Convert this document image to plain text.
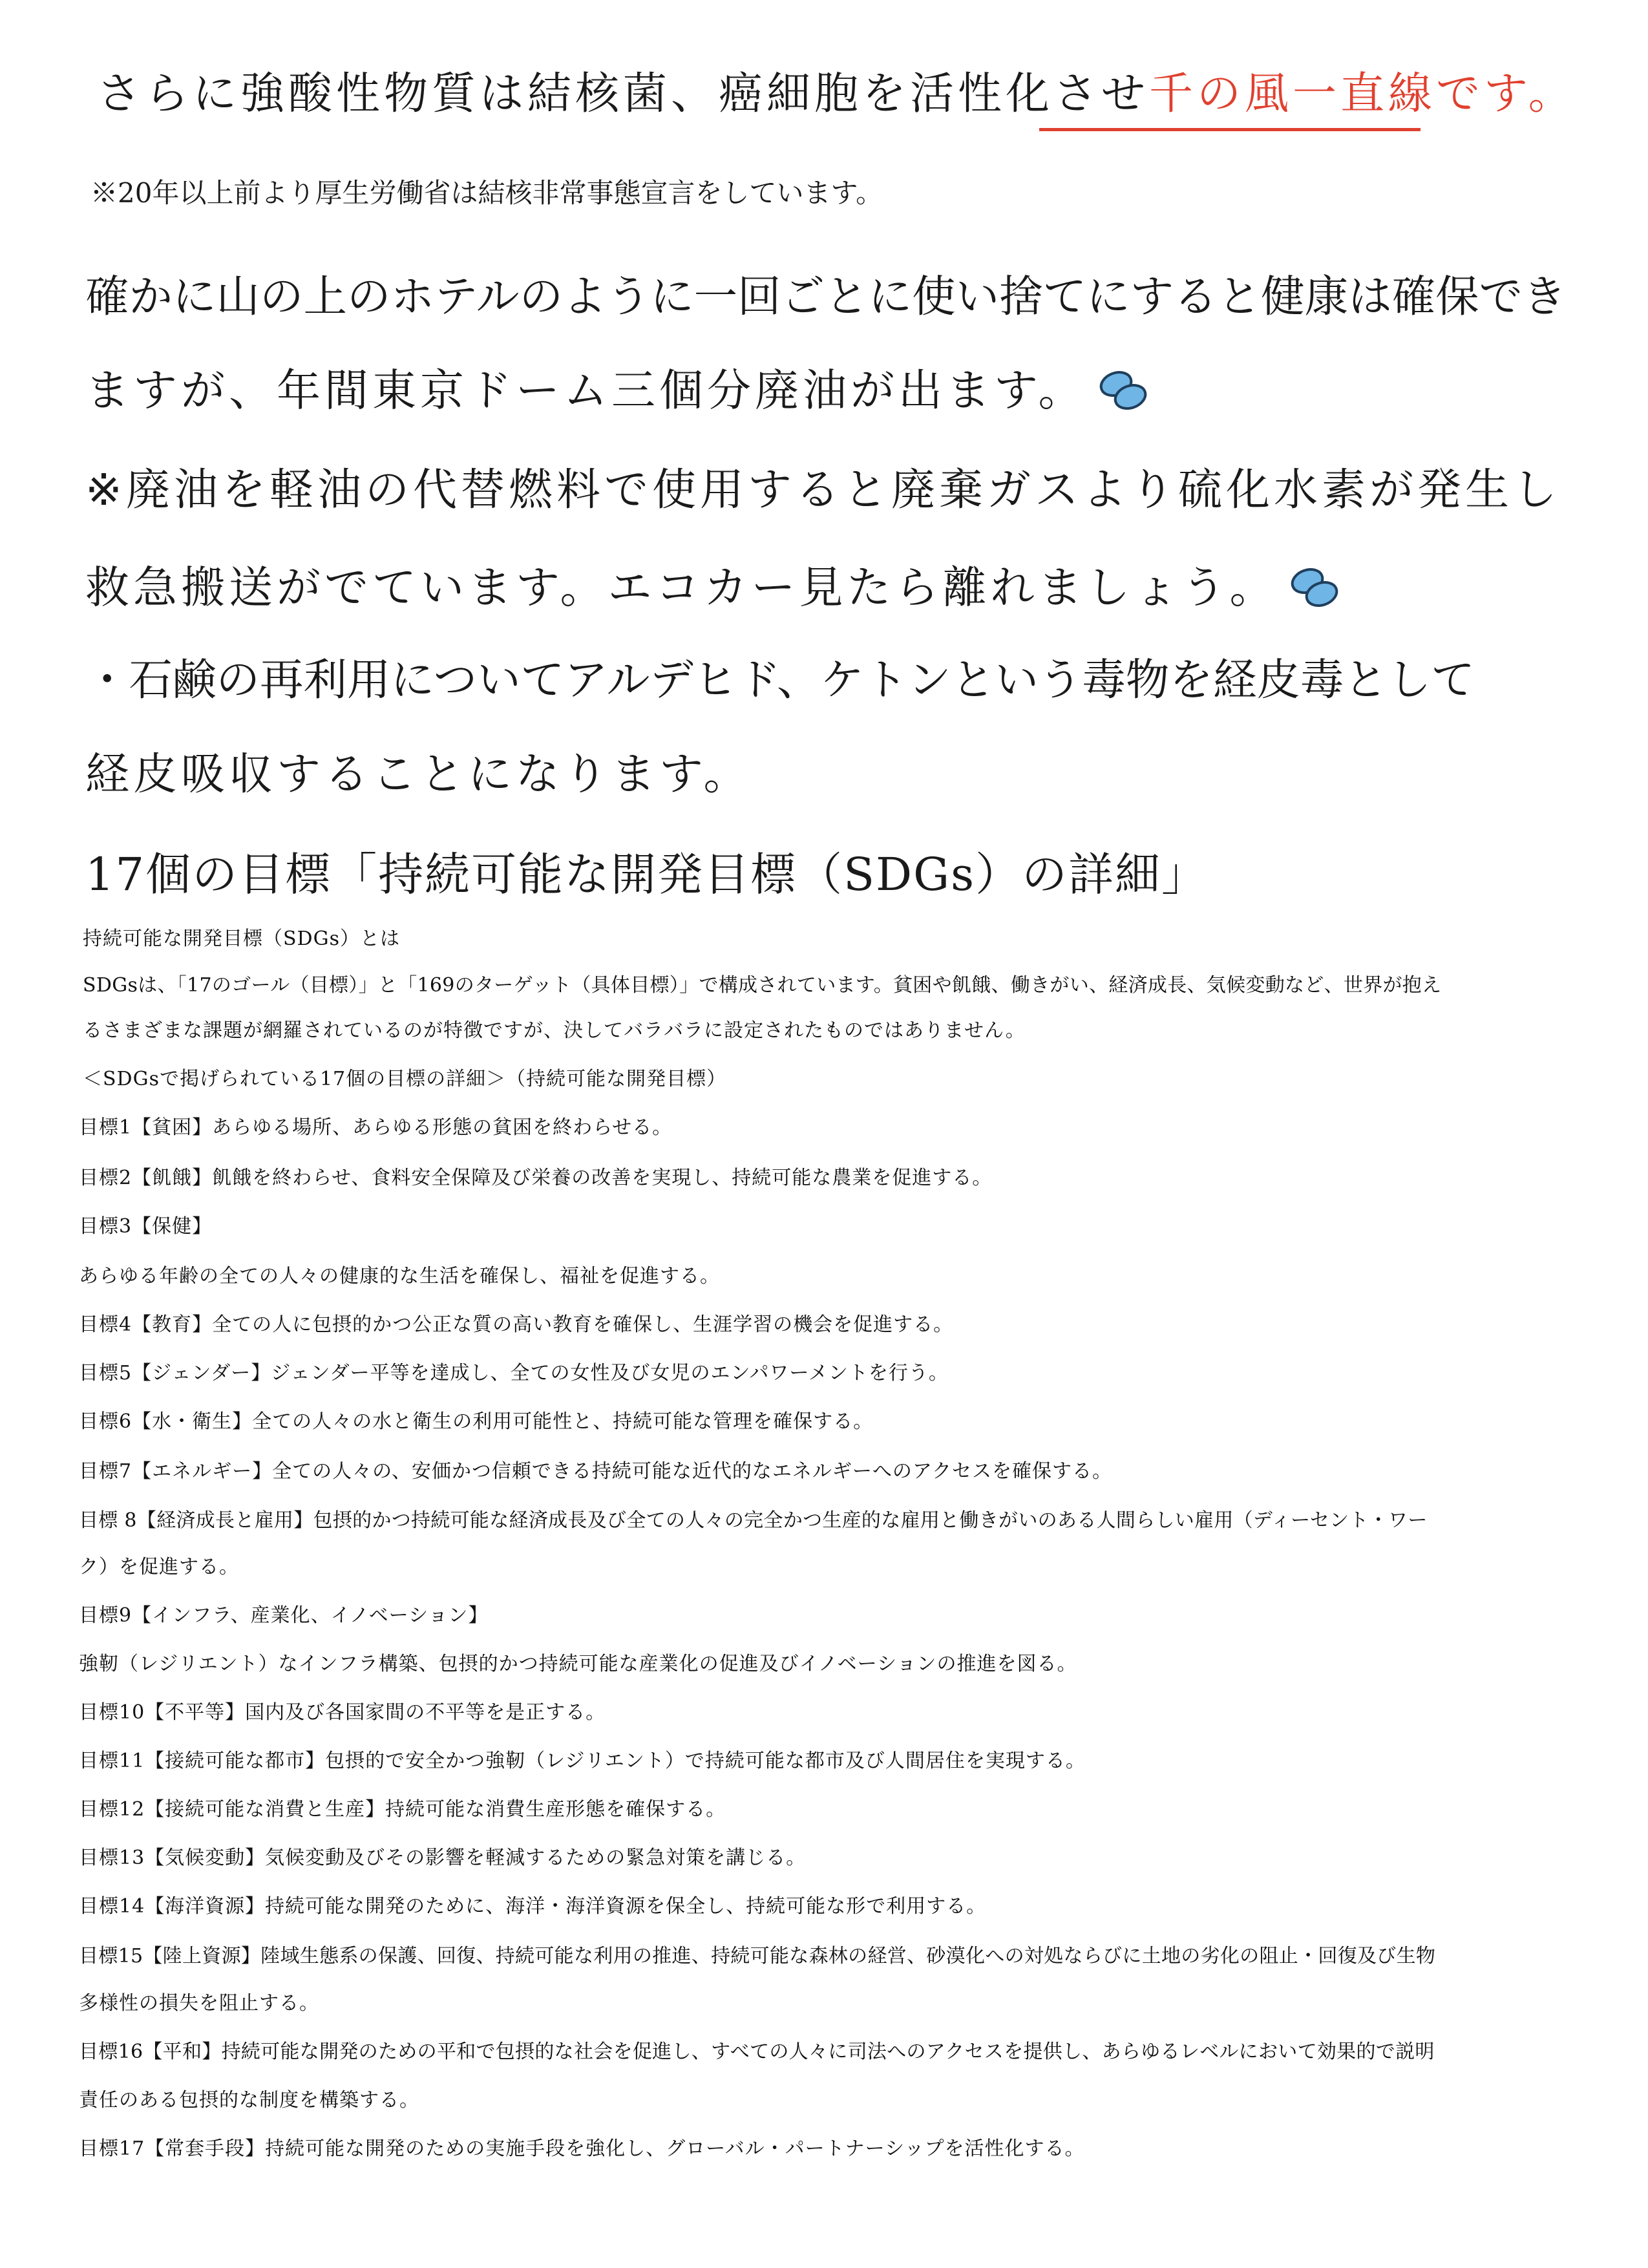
さらに強酸性物質は結核菌、癌細胞を活性化させ千の風一直線です。
※20年以上前より厚生労働省は結核非常事態宣言をしています。
確かに山の上のホテルのように一回ごとに使い捨てにすると健康は確保でき
ますが、年間東京ドーム三個分廃油が出ます。
※廃油を軽油の代替燃料で使用すると廃棄ガスより硫化水素が発生し
救急搬送がでています。エコカー見たら離れましょう。
・石鹸の再利用についてアルデヒド、ケトンという毒物を経皮毒として
経皮吸収することになります。
17個の目標「持続可能な開発目標（SDGs）の詳細」
持続可能な開発目標（SDGs）とは
SDGsは、「17のゴール（目標）」と「169のターゲット（具体目標）」で構成されています。貧困や飢餓、働きがい、経済成長、気候変動など、世界が抱え
るさまざまな課題が網羅されているのが特徴ですが、決してバラバラに設定されたものではありません。
＜SDGsで掲げられている17個の目標の詳細＞（持続可能な開発目標）
目標1【貧困】あらゆる場所、あらゆる形態の貧困を終わらせる。
目標2【飢餓】飢餓を終わらせ、食料安全保障及び栄養の改善を実現し、持続可能な農業を促進する。
目標3【保健】
あらゆる年齢の全ての人々の健康的な生活を確保し、福祉を促進する。
目標4【教育】全ての人に包摂的かつ公正な質の高い教育を確保し、生涯学習の機会を促進する。
目標5【ジェンダー】ジェンダー平等を達成し、全ての女性及び女児のエンパワーメントを行う。
目標6【水・衛生】全ての人々の水と衛生の利用可能性と、持続可能な管理を確保する。
目標7【エネルギー】全ての人々の、安価かつ信頼できる持続可能な近代的なエネルギーへのアクセスを確保する。
目標 8【経済成長と雇用】包摂的かつ持続可能な経済成長及び全ての人々の完全かつ生産的な雇用と働きがいのある人間らしい雇用（ディーセント・ワー
ク）を促進する。
目標9【インフラ、産業化、イノベーション】
強靭（レジリエント）なインフラ構築、包摂的かつ持続可能な産業化の促進及びイノベーションの推進を図る。
目標10【不平等】国内及び各国家間の不平等を是正する。
目標11【接続可能な都市】包摂的で安全かつ強靭（レジリエント）で持続可能な都市及び人間居住を実現する。
目標12【接続可能な消費と生産】持続可能な消費生産形態を確保する。
目標13【気候変動】気候変動及びその影響を軽減するための緊急対策を講じる。
目標14【海洋資源】持続可能な開発のために、海洋・海洋資源を保全し、持続可能な形で利用する。
目標15【陸上資源】陸域生態系の保護、回復、持続可能な利用の推進、持続可能な森林の経営、砂漠化への対処ならびに土地の劣化の阻止・回復及び生物
多様性の損失を阻止する。
目標16【平和】持続可能な開発のための平和で包摂的な社会を促進し、すべての人々に司法へのアクセスを提供し、あらゆるレベルにおいて効果的で説明
責任のある包摂的な制度を構築する。
目標17【常套手段】持続可能な開発のための実施手段を強化し、グローバル・パートナーシップを活性化する。
